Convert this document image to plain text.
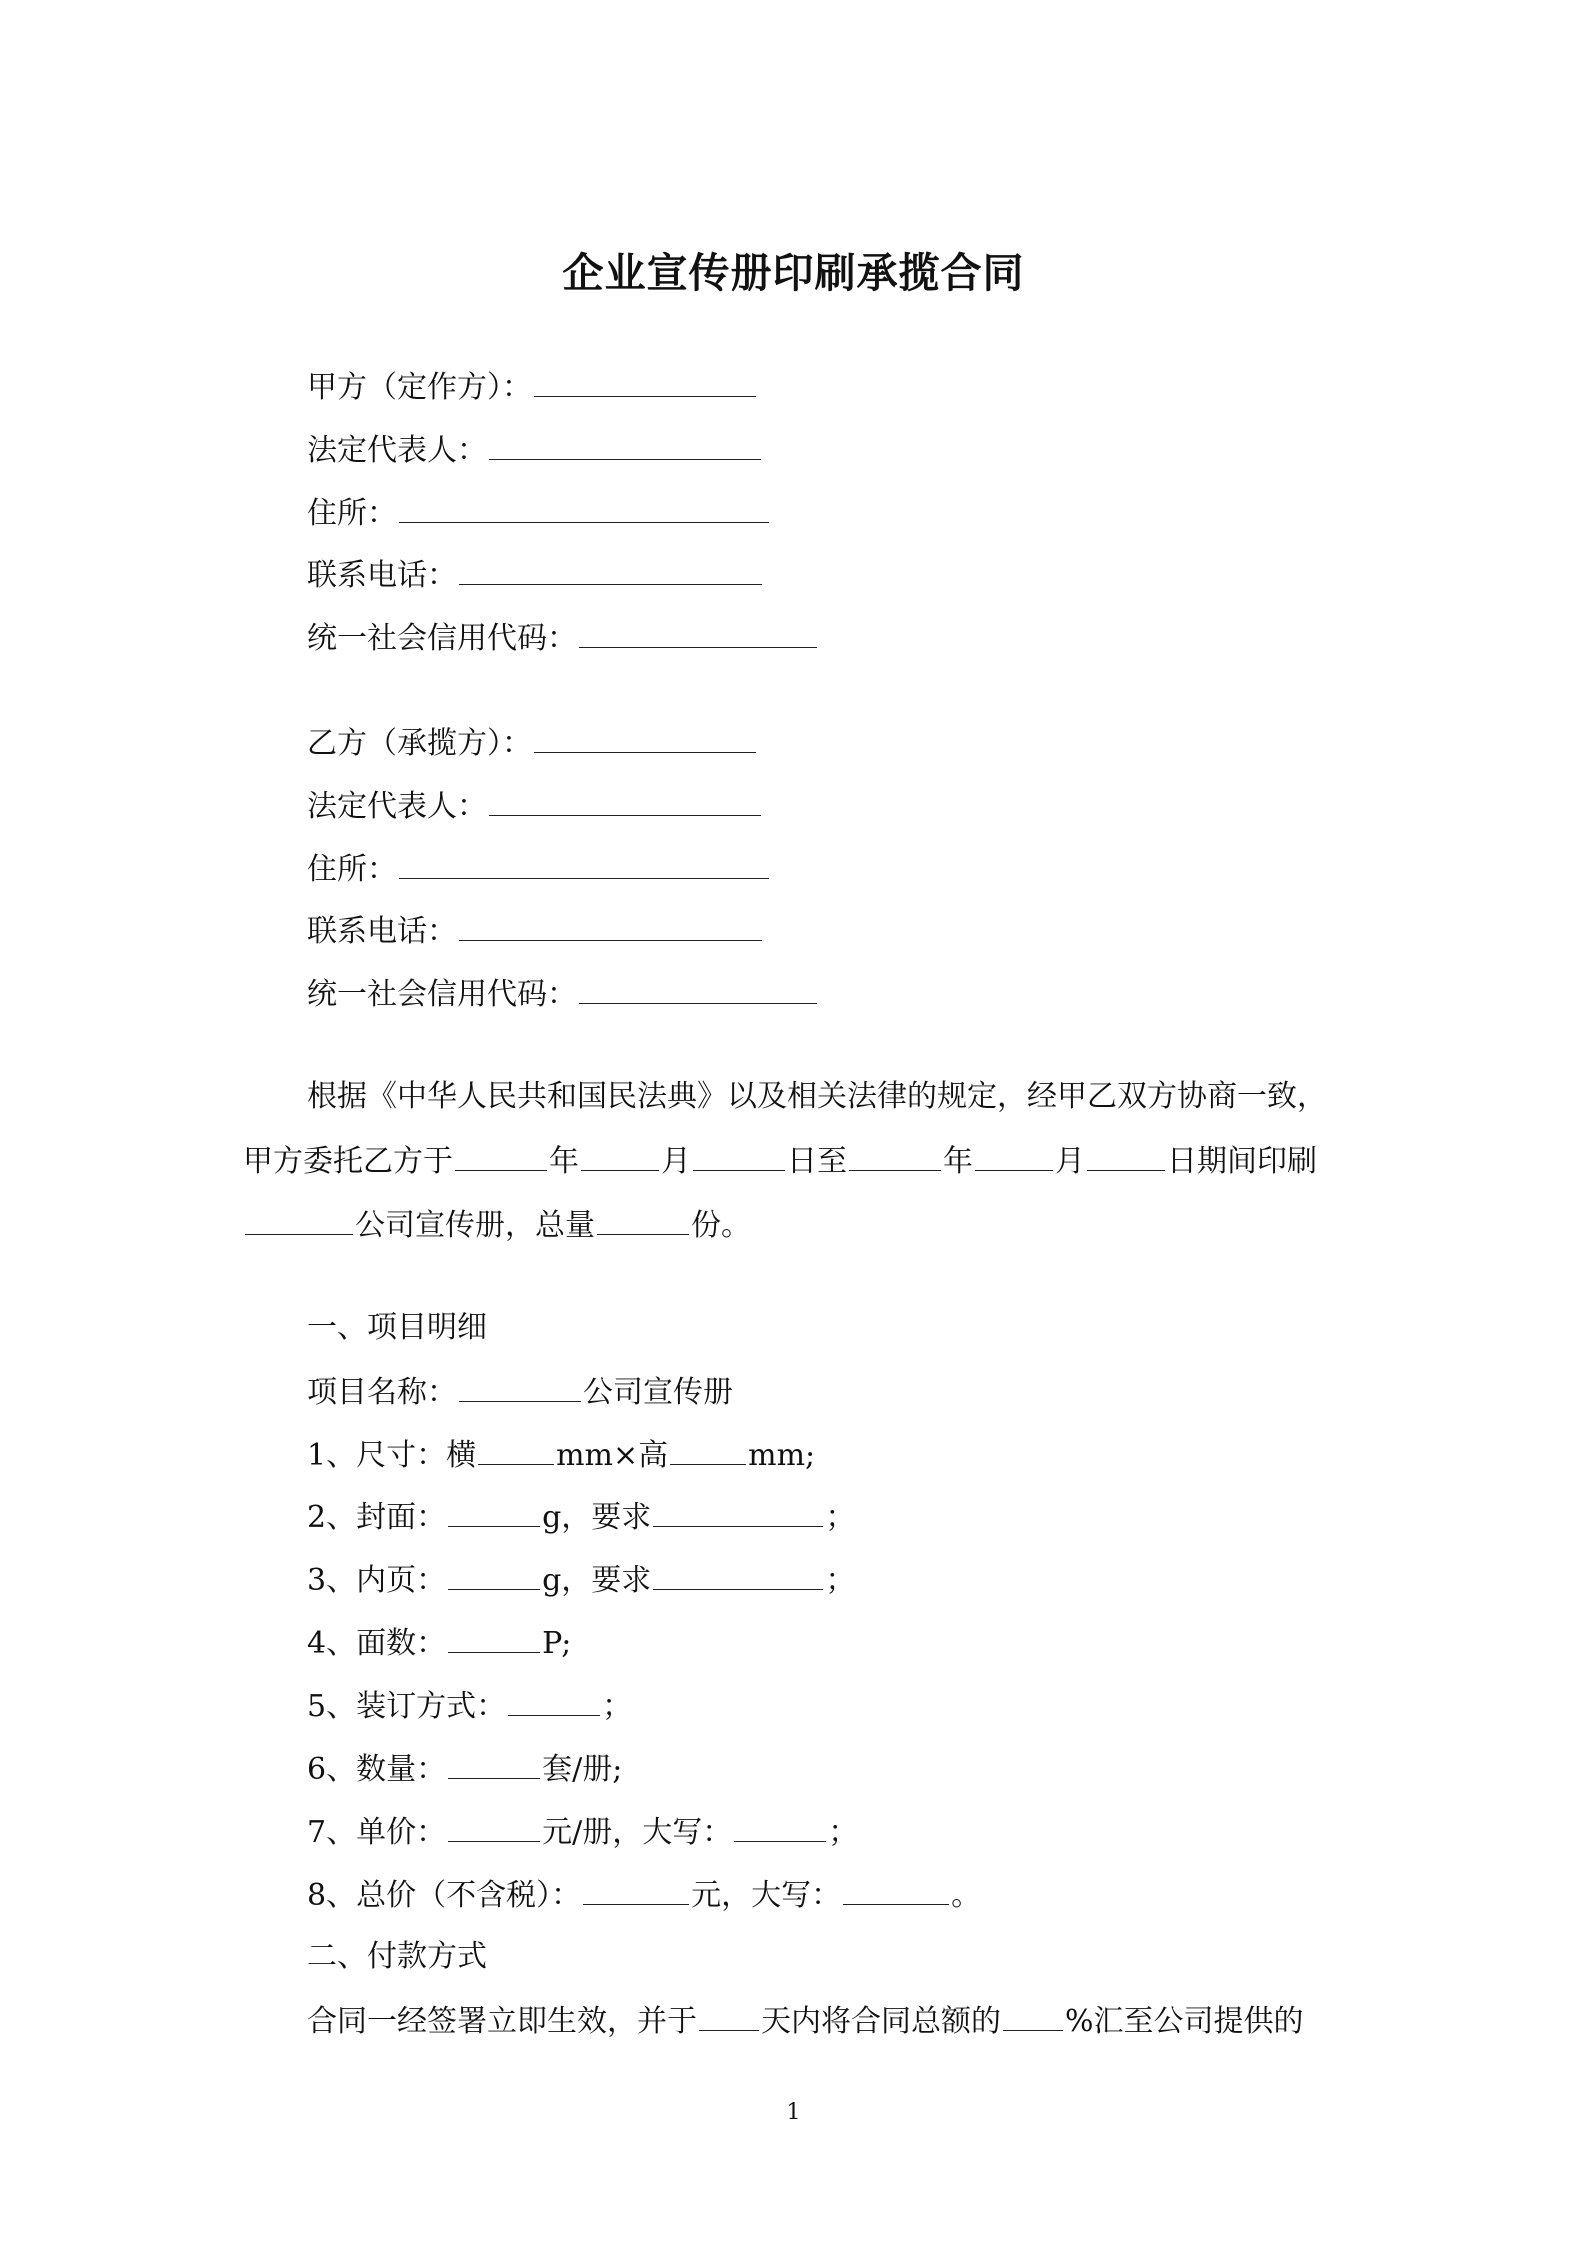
企业宣传册印刷承揽合同
甲方（定作方）：
法定代表人：
住所：
联系电话：
统一社会信用代码：
乙方（承揽方）：
法定代表人：
住所：
联系电话：
统一社会信用代码：
根据《中华人民共和国民法典》以及相关法律的规定，经甲乙双方协商一致，
甲方委托乙方于	年	月	日至	年	月	日期间印刷
公司宣传册，总量	份。
一、项目明细
项目名称：	公司宣传册
1、尺寸：横	mm×高	mm;
2、封面：	g，要求	；
3、内页：	g，要求	；
4、面数：	P;
5、装订方式：	；
6、数量：	套/册;
7、单价：	元/册，大写：	；
8、总价（不含税）：	元，大写：	。
二、付款方式
合同一经签署立即生效，并于 天内将合同总额的 %汇至公司提供的
1
